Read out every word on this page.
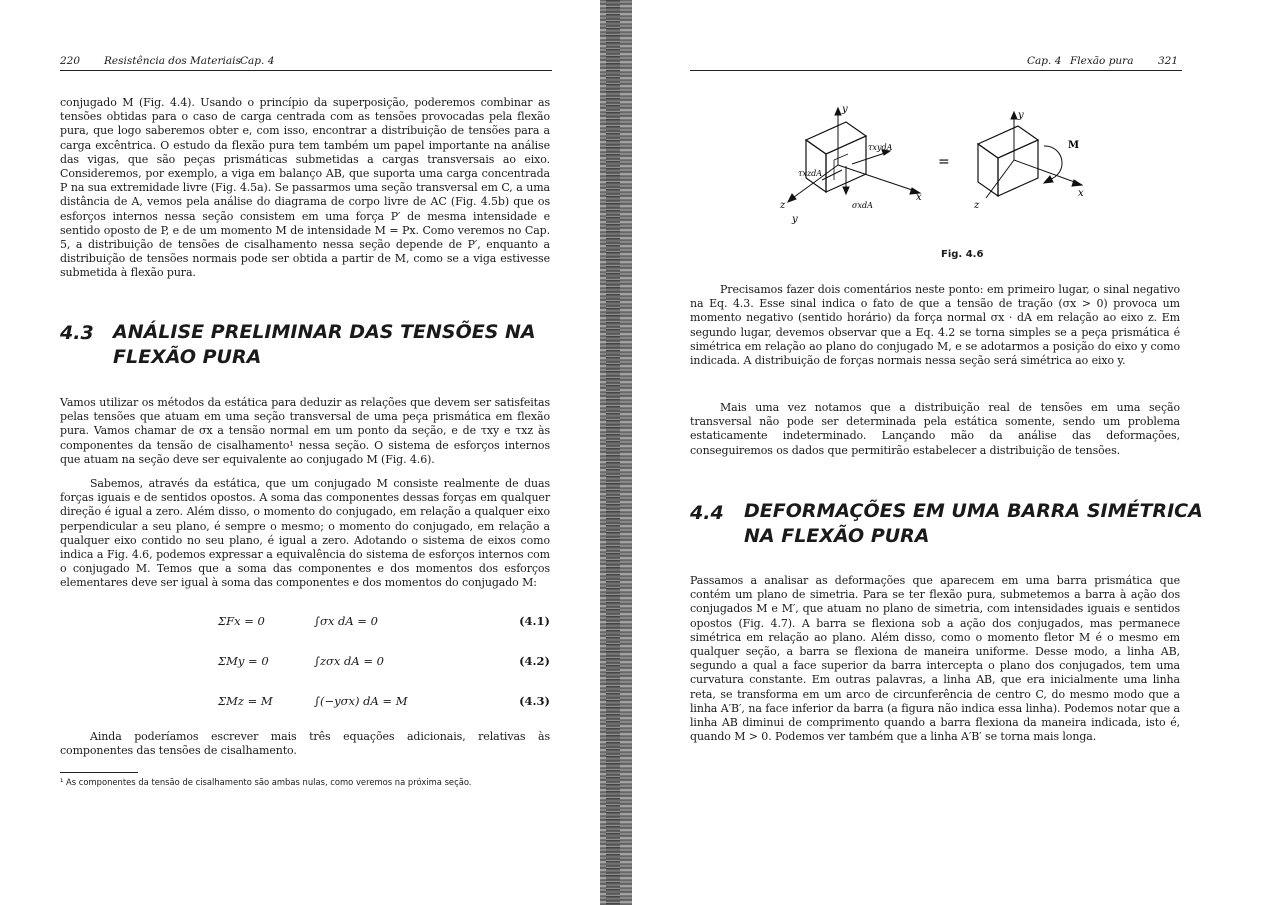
220 Resistência dos Materiais Cap. 4
conjugado M (Fig. 4.4). Usando o princípio da superposição, poderemos combinar as tensões obtidas para o caso de carga centrada com as tensões provocadas pela flexão pura, que logo saberemos obter e, com isso, encontrar a distribuição de tensões para a carga excêntrica. O estudo da flexão pura tem também um papel importante na análise das vigas, que são peças prismáticas submetidas a cargas transversais ao eixo. Consideremos, por exemplo, a viga em balanço AB, que suporta uma carga concentrada P na sua extremidade livre (Fig. 4.5a). Se passarmos uma seção transversal em C, a uma distância de A, vemos pela análise do diagrama de corpo livre de AC (Fig. 4.5b) que os esforços internos nessa seção consistem em uma força P′ de mesma intensidade e sentido oposto de P, e de um momento M de intensidade M = Px. Como veremos no Cap. 5, a distribuição de tensões de cisalhamento nessa seção depende de P′, enquanto a distribuição de tensões normais pode ser obtida a partir de M, como se a viga estivesse submetida à flexão pura.
4.3 ANÁLISE PRELIMINAR DAS TENSÕES NA
FLEXÃO PURA
Vamos utilizar os métodos da estática para deduzir as relações que devem ser satisfeitas pelas tensões que atuam em uma seção transversal de uma peça prismática em flexão pura. Vamos chamar de σx a tensão normal em um ponto da seção, e de τxy e τxz às componentes da tensão de cisalhamento¹ nessa seção. O sistema de esforços internos que atuam na seção deve ser equivalente ao conjugado M (Fig. 4.6).
Sabemos, através da estática, que um conjugado M consiste realmente de duas forças iguais e de sentidos opostos. A soma das componentes dessas forças em qualquer direção é igual a zero. Além disso, o momento do conjugado, em relação a qualquer eixo perpendicular a seu plano, é sempre o mesmo; o momento do conjugado, em relação a qualquer eixo contido no seu plano, é igual a zero. Adotando o sistema de eixos como indica a Fig. 4.6, podemos expressar a equivalência do sistema de esforços internos com o conjugado M. Temos que a soma das componentes e dos momentos dos esforços elementares deve ser igual à soma das componentes e dos momentos do conjugado M:
ΣFx = 0	∫σx dA = 0	(4.1)
ΣMy = 0	∫zσx dA = 0	(4.2)
ΣMz = M	∫(−yσx) dA = M	(4.3)
Ainda poderíamos escrever mais três equações adicionais, relativas às componentes das tensões de cisalhamento.
¹ As componentes da tensão de cisalhamento são ambas nulas, como veremos na próxima seção.
Cap. 4 Flexão pura 321
y
x
z
y
τxydA
τxzdA
σxdA
=
y
M
x
z
Fig. 4.6
Precisamos fazer dois comentários neste ponto: em primeiro lugar, o sinal negativo na Eq. 4.3. Esse sinal indica o fato de que a tensão de tração (σx > 0) provoca um momento negativo (sentido horário) da força normal σx · dA em relação ao eixo z. Em segundo lugar, devemos observar que a Eq. 4.2 se torna simples se a peça prismática é simétrica em relação ao plano do conjugado M, e se adotarmos a posição do eixo y como indicada. A distribuição de forças normais nessa seção será simétrica ao eixo y.
Mais uma vez notamos que a distribuição real de tensões em uma seção transversal não pode ser determinada pela estática somente, sendo um problema estaticamente indeterminado. Lançando mão da análise das deformações, conseguiremos os dados que permitirão estabelecer a distribuição de tensões.
4.4 DEFORMAÇÕES EM UMA BARRA SIMÉTRICA
NA FLEXÃO PURA
Passamos a analisar as deformações que aparecem em uma barra prismática que contém um plano de simetria. Para se ter flexão pura, submetemos a barra à ação dos conjugados M e M′, que atuam no plano de simetria, com intensidades iguais e sentidos opostos (Fig. 4.7). A barra se flexiona sob a ação dos conjugados, mas permanece simétrica em relação ao plano. Além disso, como o momento fletor M é o mesmo em qualquer seção, a barra se flexiona de maneira uniforme. Desse modo, a linha AB, segundo a qual a face superior da barra intercepta o plano dos conjugados, tem uma curvatura constante. Em outras palavras, a linha AB, que era inicialmente uma linha reta, se transforma em um arco de circunferência de centro C, do mesmo modo que a linha A′B′, na face inferior da barra (a figura não indica essa linha). Podemos notar que a linha AB diminui de comprimento quando a barra flexiona da maneira indicada, isto é, quando M > 0. Podemos ver também que a linha A′B′ se torna mais longa.
